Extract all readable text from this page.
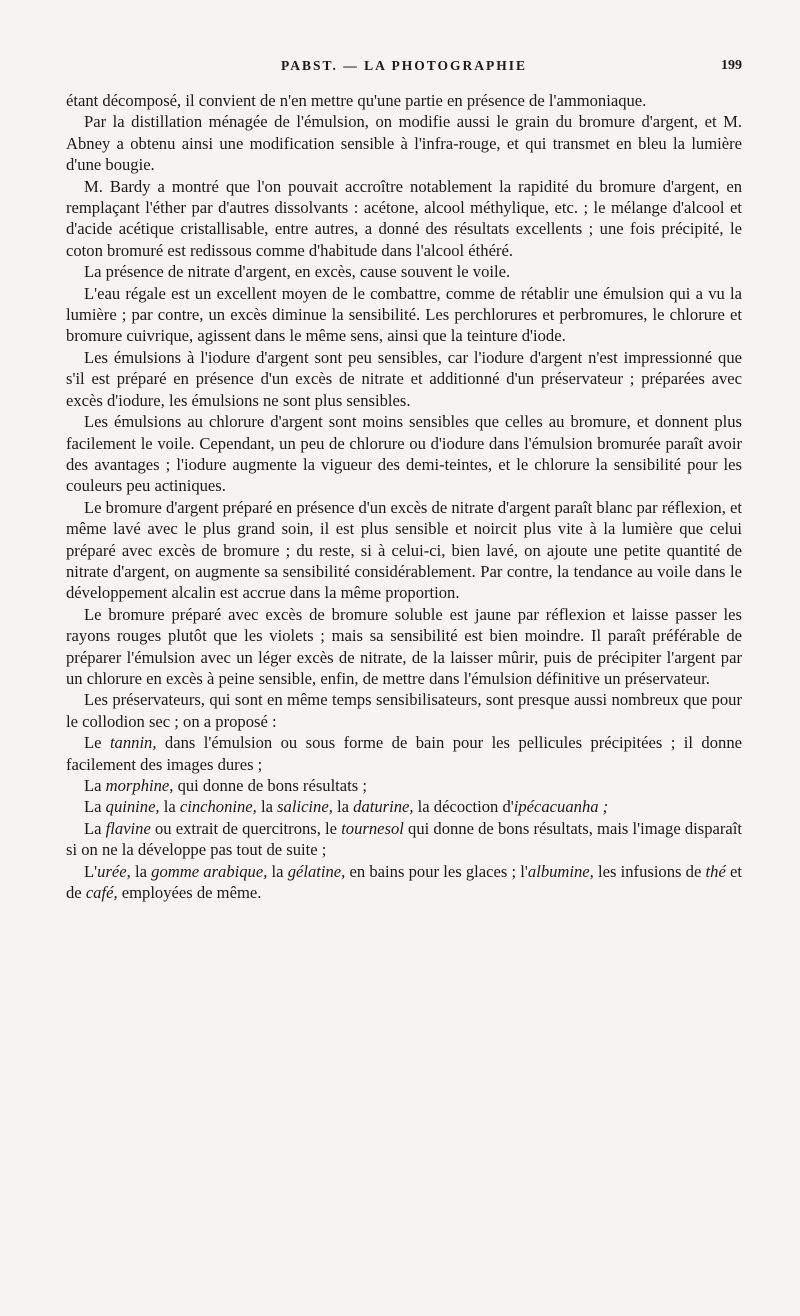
PABST. — LA PHOTOGRAPHIE	199

étant décomposé, il convient de n'en mettre qu'une partie en présence de l'ammoniaque.

Par la distillation ménagée de l'émulsion, on modifie aussi le grain du bromure d'argent, et M. Abney a obtenu ainsi une modification sensible à l'infra-rouge, et qui transmet en bleu la lumière d'une bougie.

M. Bardy a montré que l'on pouvait accroître notablement la rapidité du bromure d'argent, en remplaçant l'éther par d'autres dissolvants : acétone, alcool méthylique, etc. ; le mélange d'alcool et d'acide acétique cristallisable, entre autres, a donné des résultats excellents ; une fois précipité, le coton bromuré est redissous comme d'habitude dans l'alcool éthéré.

La présence de nitrate d'argent, en excès, cause souvent le voile.

L'eau régale est un excellent moyen de le combattre, comme de rétablir une émulsion qui a vu la lumière ; par contre, un excès diminue la sensibilité. Les perchlorures et perbromures, le chlorure et bromure cuivrique, agissent dans le même sens, ainsi que la teinture d'iode.

Les émulsions à l'iodure d'argent sont peu sensibles, car l'iodure d'argent n'est impressionné que s'il est préparé en présence d'un excès de nitrate et additionné d'un préservateur ; préparées avec excès d'iodure, les émulsions ne sont plus sensibles.

Les émulsions au chlorure d'argent sont moins sensibles que celles au bromure, et donnent plus facilement le voile. Cependant, un peu de chlorure ou d'iodure dans l'émulsion bromurée paraît avoir des avantages ; l'iodure augmente la vigueur des demi-teintes, et le chlorure la sensibilité pour les couleurs peu actiniques.

Le bromure d'argent préparé en présence d'un excès de nitrate d'argent paraît blanc par réflexion, et même lavé avec le plus grand soin, il est plus sensible et noircit plus vite à la lumière que celui préparé avec excès de bromure ; du reste, si à celui-ci, bien lavé, on ajoute une petite quantité de nitrate d'argent, on augmente sa sensibilité considérablement. Par contre, la tendance au voile dans le développement alcalin est accrue dans la même proportion.

Le bromure préparé avec excès de bromure soluble est jaune par réflexion et laisse passer les rayons rouges plutôt que les violets ; mais sa sensibilité est bien moindre. Il paraît préférable de préparer l'émulsion avec un léger excès de nitrate, de la laisser mûrir, puis de précipiter l'argent par un chlorure en excès à peine sensible, enfin, de mettre dans l'émulsion définitive un préservateur.

Les préservateurs, qui sont en même temps sensibilisateurs, sont presque aussi nombreux que pour le collodion sec ; on a proposé :

Le tannin, dans l'émulsion ou sous forme de bain pour les pellicules précipitées ; il donne facilement des images dures ;

La morphine, qui donne de bons résultats ;

La quinine, la cinchonine, la salicine, la daturine, la décoction d'ipécacuanha ;

La flavine ou extrait de quercitrons, le tournesol qui donne de bons résultats, mais l'image disparaît si on ne la développe pas tout de suite ;

L'urée, la gomme arabique, la gélatine, en bains pour les glaces ; l'albumine, les infusions de thé et de café, employées de même.
